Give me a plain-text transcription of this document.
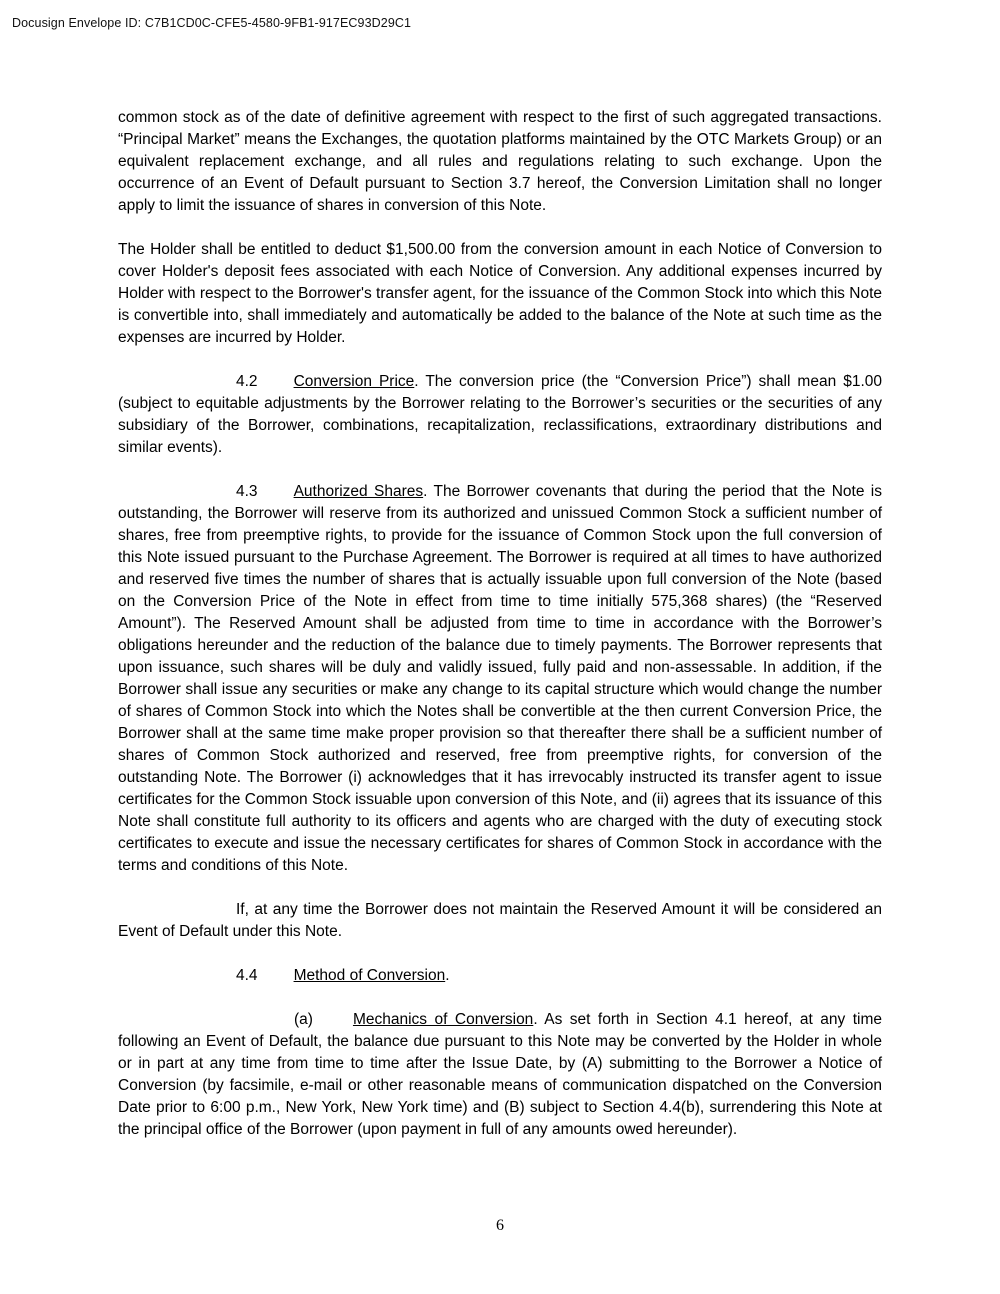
Docusign Envelope ID: C7B1CD0C-CFE5-4580-9FB1-917EC93D29C1

common stock as of the date of definitive agreement with respect to the first of such aggregated transactions. “Principal Market” means the Exchanges, the quotation platforms maintained by the OTC Markets Group) or an equivalent replacement exchange, and all rules and regulations relating to such exchange. Upon the occurrence of an Event of Default pursuant to Section 3.7 hereof, the Conversion Limitation shall no longer apply to limit the issuance of shares in conversion of this Note.

The Holder shall be entitled to deduct $1,500.00 from the conversion amount in each Notice of Conversion to cover Holder's deposit fees associated with each Notice of Conversion. Any additional expenses incurred by Holder with respect to the Borrower's transfer agent, for the issuance of the Common Stock into which this Note is convertible into, shall immediately and automatically be added to the balance of the Note at such time as the expenses are incurred by Holder.

4.2 Conversion Price. The conversion price (the “Conversion Price”) shall mean $1.00 (subject to equitable adjustments by the Borrower relating to the Borrower’s securities or the securities of any subsidiary of the Borrower, combinations, recapitalization, reclassifications, extraordinary distributions and similar events).

4.3 Authorized Shares. The Borrower covenants that during the period that the Note is outstanding, the Borrower will reserve from its authorized and unissued Common Stock a sufficient number of shares, free from preemptive rights, to provide for the issuance of Common Stock upon the full conversion of this Note issued pursuant to the Purchase Agreement. The Borrower is required at all times to have authorized and reserved five times the number of shares that is actually issuable upon full conversion of the Note (based on the Conversion Price of the Note in effect from time to time initially 575,368 shares) (the “Reserved Amount”). The Reserved Amount shall be adjusted from time to time in accordance with the Borrower’s obligations hereunder and the reduction of the balance due to timely payments. The Borrower represents that upon issuance, such shares will be duly and validly issued, fully paid and non-assessable. In addition, if the Borrower shall issue any securities or make any change to its capital structure which would change the number of shares of Common Stock into which the Notes shall be convertible at the then current Conversion Price, the Borrower shall at the same time make proper provision so that thereafter there shall be a sufficient number of shares of Common Stock authorized and reserved, free from preemptive rights, for conversion of the outstanding Note. The Borrower (i) acknowledges that it has irrevocably instructed its transfer agent to issue certificates for the Common Stock issuable upon conversion of this Note, and (ii) agrees that its issuance of this Note shall constitute full authority to its officers and agents who are charged with the duty of executing stock certificates to execute and issue the necessary certificates for shares of Common Stock in accordance with the terms and conditions of this Note.

If, at any time the Borrower does not maintain the Reserved Amount it will be considered an Event of Default under this Note.

4.4 Method of Conversion.

(a)	Mechanics of Conversion. As set forth in Section 4.1 hereof, at any time following an Event of Default, the balance due pursuant to this Note may be converted by the Holder in whole or in part at any time from time to time after the Issue Date, by (A) submitting to the Borrower a Notice of Conversion (by facsimile, e-mail or other reasonable means of communication dispatched on the Conversion Date prior to 6:00 p.m., New York, New York time) and (B) subject to Section 4.4(b), surrendering this Note at the principal office of the Borrower (upon payment in full of any amounts owed hereunder).

6
